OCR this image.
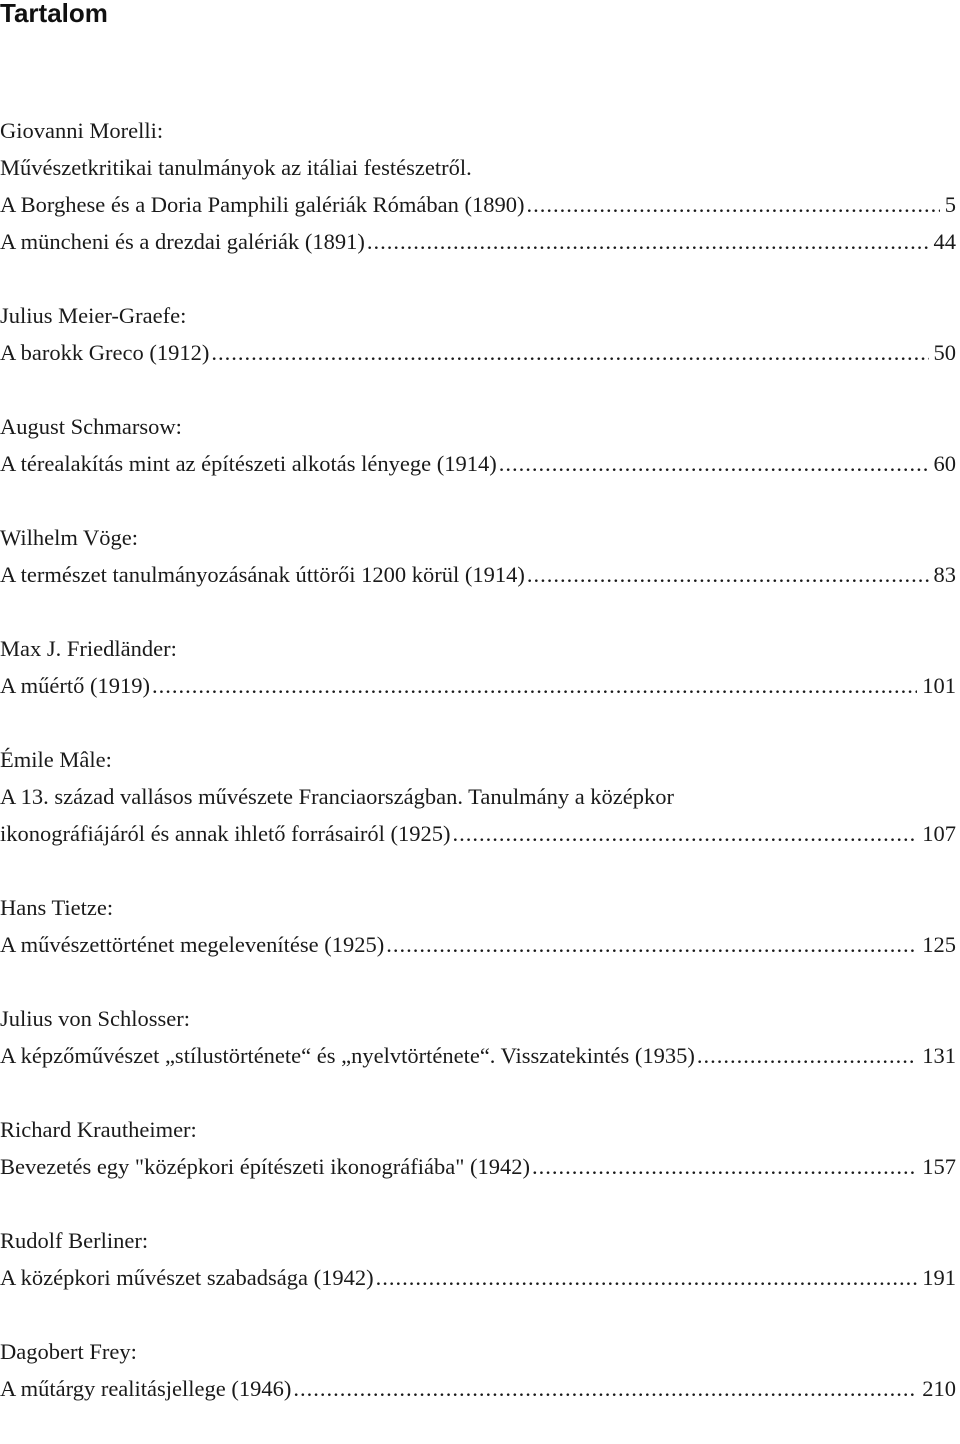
Tartalom
Giovanni Morelli:
Művészetkritikai tanulmányok az itáliai festészetről.
A Borghese és a Doria Pamphili galériák Rómában (1890) .....	5
A müncheni és a drezdai galériák (1891) .....	44
Julius Meier-Graefe:
A barokk Greco (1912) .....	50
August Schmarsow:
A térealakítás mint az építészeti alkotás lényege (1914) .....	60
Wilhelm Vöge:
A természet tanulmányozásának úttörői 1200 körül (1914) .....	83
Max J. Friedländer:
A műértő (1919) .....	101
Émile Mâle:
A 13. század vallásos művészete Franciaországban. Tanulmány a középkor
ikonográfiájáról és annak ihlető forrásairól (1925) .....	107
Hans Tietze:
A művészettörténet megelevenítése (1925) .....	125
Julius von Schlosser:
A képzőművészet „stílustörténete“ és „nyelvtörténete“. Visszatekintés (1935) .....	131
Richard Krautheimer:
Bevezetés egy "középkori építészeti ikonográfiába" (1942) .....	157
Rudolf Berliner:
A középkori művészet szabadsága (1942) .....	191
Dagobert Frey:
A műtárgy realitásjellege (1946) .....	210
